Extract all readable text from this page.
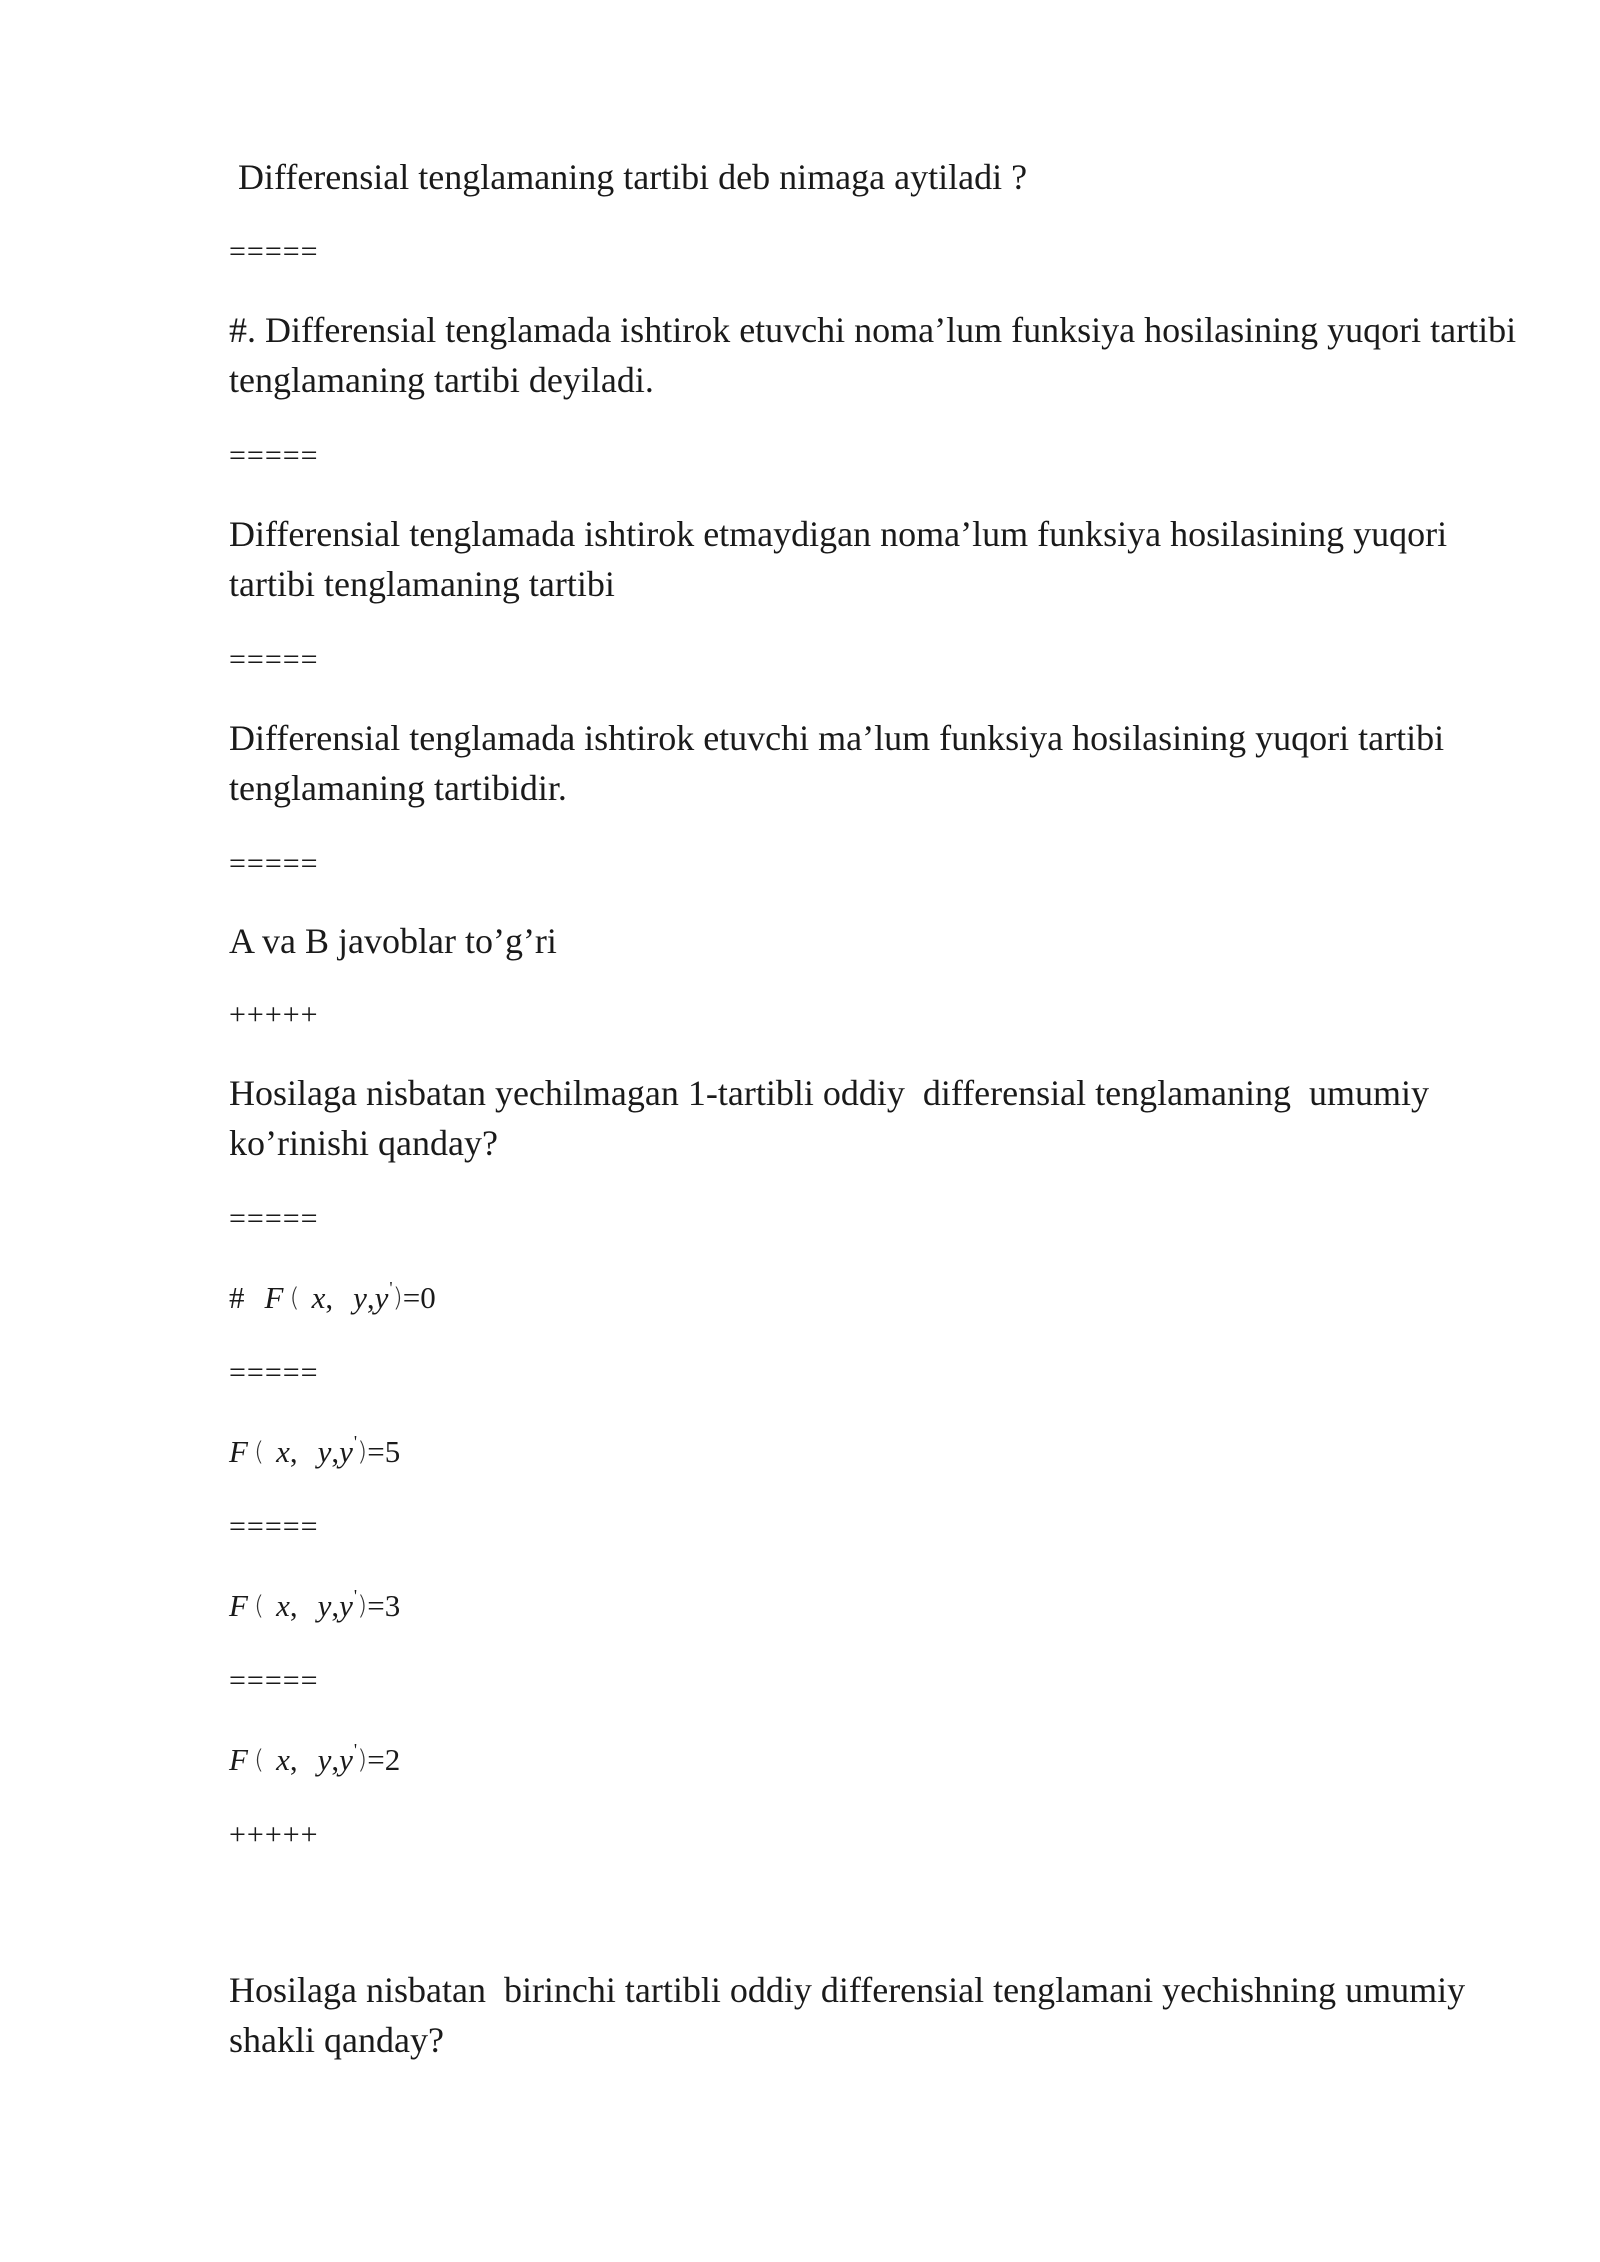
Differensial tenglamaning tartibi deb nimaga aytiladi ?
=====
#. Differensial tenglamada ishtirok etuvchi noma’lum funksiya hosilasining yuqori tartibi tenglamaning tartibi deyiladi.
=====
Differensial tenglamada ishtirok etmaydigan noma’lum funksiya hosilasining yuqori tartibi tenglamaning tartibi
=====
Differensial tenglamada ishtirok etuvchi ma’lum funksiya hosilasining yuqori tartibi tenglamaning tartibidir.
=====
A va B javoblar to’g’ri
+++++
Hosilaga nisbatan yechilmagan 1-tartibli oddiy  differensial tenglamaning  umumiy ko’rinishi qanday?
=====
# F ( x, y,y')=0
=====
F ( x, y,y')=5
=====
F ( x, y,y')=3
=====
F ( x, y,y')=2
+++++
Hosilaga nisbatan  birinchi tartibli oddiy differensial tenglamani yechishning umumiy shakli qanday?
